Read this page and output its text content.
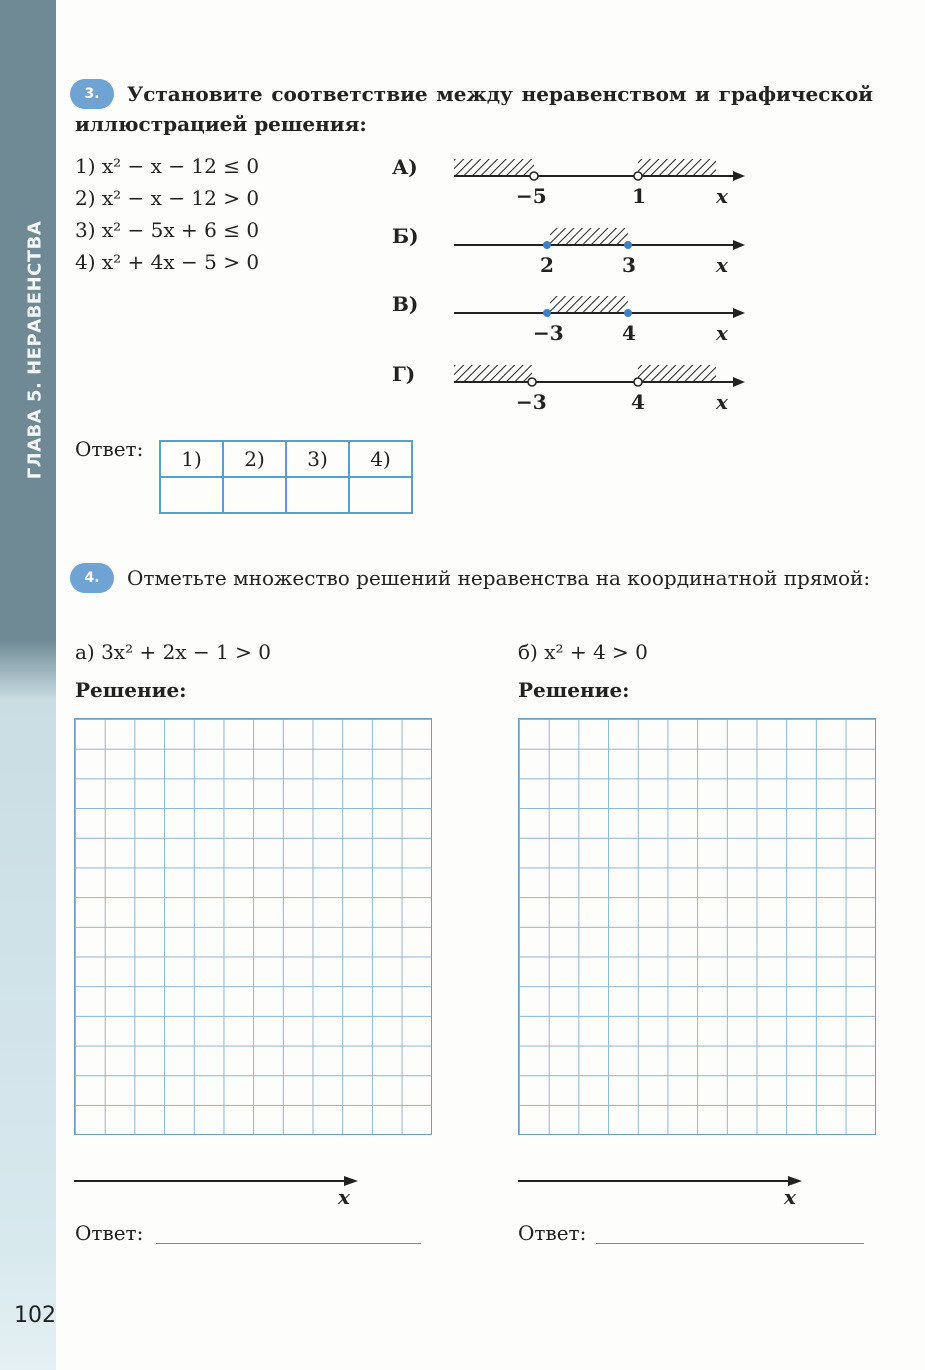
ГЛАВА 5. НЕРАВЕНСТВА
102
3.	Установите соответствие между неравенством и графической иллюстрацией решения:
1) x² − x − 12 ≤ 0
2) x² − x − 12 > 0
3) x² − 5x + 6 ≤ 0
4) x² + 4x − 5 > 0
А)
−5	1	x
Б)
2	3	x
В)
−3	4	x
Г)
−3	4	x
Ответ: 1)	2)	3)	4)

4.	Отметьте множество решений неравенства на координатной прямой:
а) 3x² + 2x − 1 > 0	б) x² + 4 > 0
Решение:	Решение:
x	x
Ответ:	Ответ:
